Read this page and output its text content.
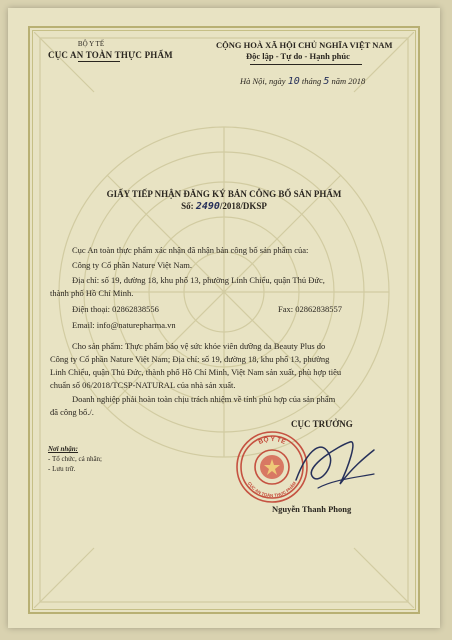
BỘ Y TẾ
CỤC AN TOÀN THỰC PHẨM
CỘNG HOÀ XÃ HỘI CHỦ NGHĨA VIỆT NAM
Độc lập - Tự do - Hạnh phúc
Hà Nội, ngày 10 tháng 5 năm 2018
GIẤY TIẾP NHẬN ĐĂNG KÝ BẢN CÔNG BỐ SẢN PHẨM
Số: 2490/2018/DKSP
Cục An toàn thực phẩm xác nhận đã nhận bản công bố sản phẩm của:
Công ty Cổ phần Nature Việt Nam.
Địa chỉ: số 19, đường 18, khu phố 13, phường Linh Chiểu, quận Thủ Đức,
thành phố Hồ Chí Minh.
Điện thoại: 02862838556	Fax: 02862838557
Email: info@naturepharma.vn
Cho sản phẩm: Thực phẩm bảo vệ sức khỏe viên dưỡng da Beauty Plus do
Công ty Cổ phần Nature Việt Nam; Địa chỉ: số 19, đường 18, khu phố 13, phường
Linh Chiểu, quận Thủ Đức, thành phố Hồ Chí Minh, Việt Nam sản xuất, phù hợp tiêu
chuẩn số 06/2018/TCSP-NATURAL của nhà sản xuất.
Doanh nghiệp phải hoàn toàn chịu trách nhiệm về tính phù hợp của sản phẩm
đã công bố./.
Nơi nhận:
- Tổ chức, cá nhân;
- Lưu trữ.
CỤC TRƯỞNG
BỘ Y TẾ
CỤC AN TOÀN THỰC PHẨM
Nguyễn Thanh Phong
